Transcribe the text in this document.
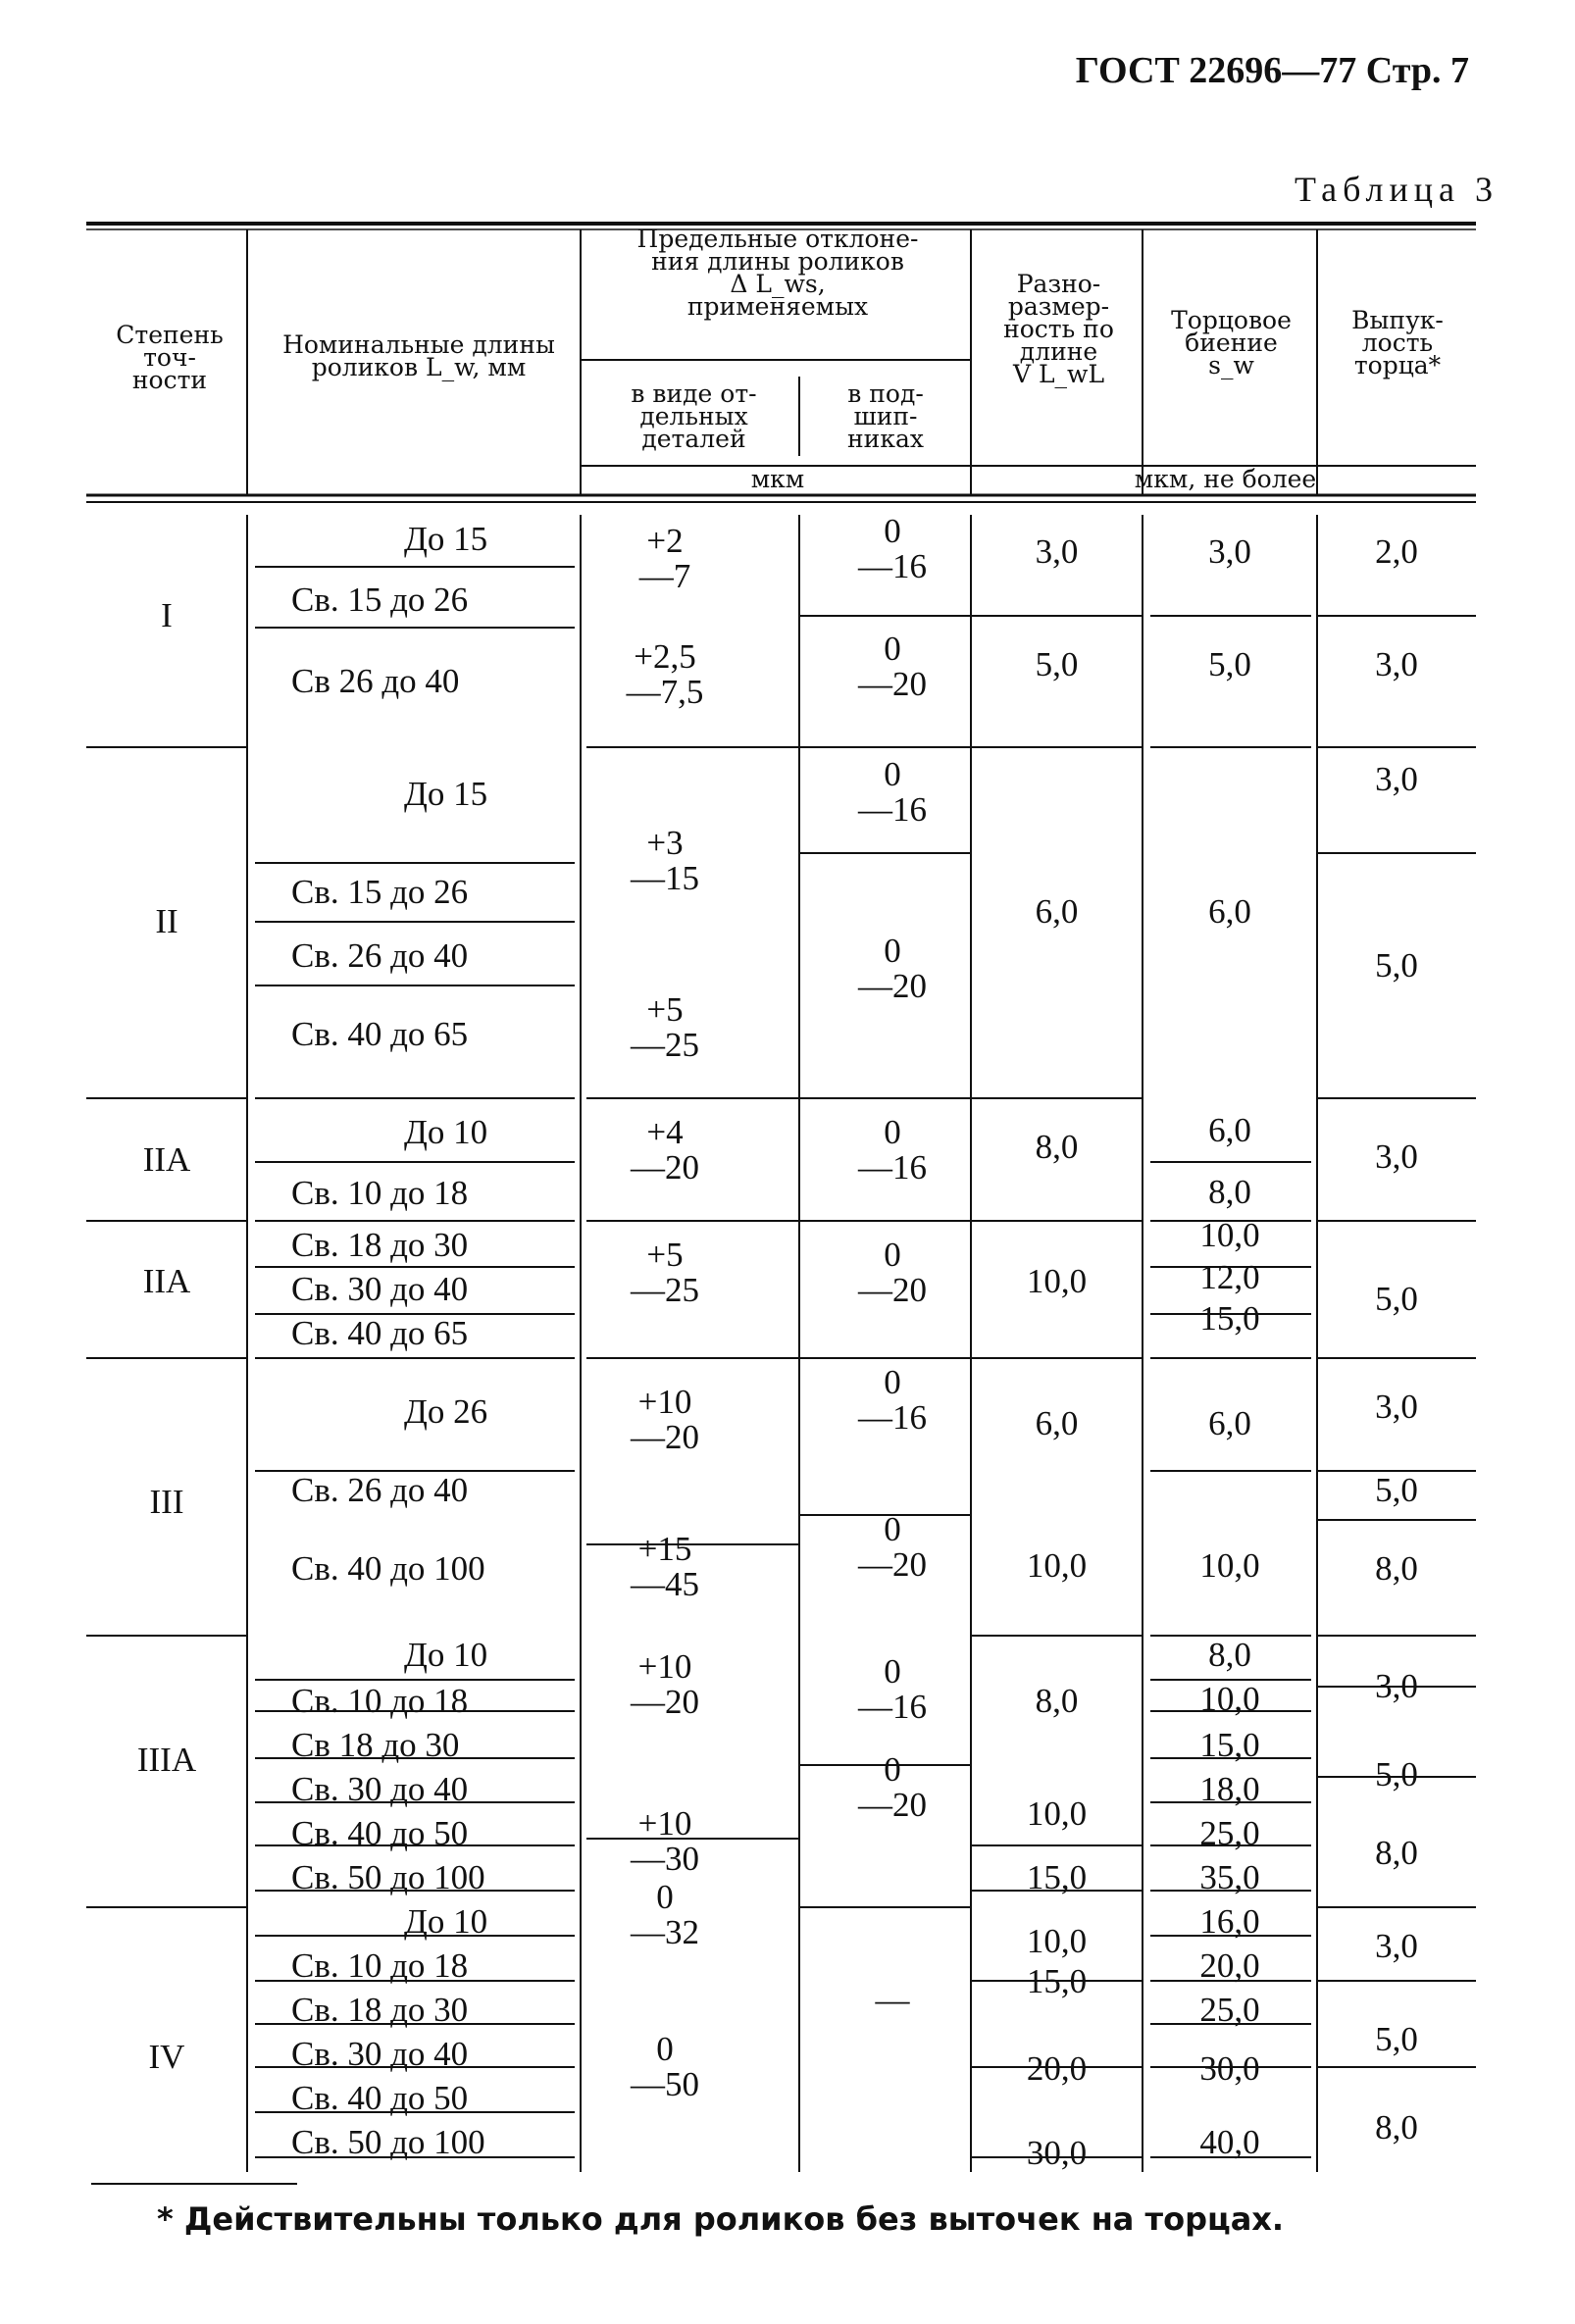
ГОСТ 22696—77 Стр. 7
Таблица 3
Степень
точ-
ности
Номинальные длины
роликов L_w, мм
Предельные отклоне-
ния длины роликов
Δ L_ws,
применяемых
в виде от-
дельных
деталей
в под-
шип-
никах
Разно-
размер-
ность по
длине
V L_wL
Торцовое
биение
s_w
Выпук-
лость
торца*
мкм	мкм, не более
I
II
IIA
IIA
III
IIIA
IV
До 15
Св. 15 до 26
Св 26 до 40
До 15
Св. 15 до 26
Св. 26 до 40
Св. 40 до 65
До 10
Св. 10 до 18
Св. 18 до 30
Св. 30 до 40
Св. 40 до 65
До 26
Св. 26 до 40
Св. 40 до 100
До 10
Св. 10 до 18
Св 18 до 30
Св. 30 до 40
Св. 40 до 50
Св. 50 до 100
До 10
Св. 10 до 18
Св. 18 до 30
Св. 30 до 40
Св. 40 до 50
Св. 50 до 100
+2
—7
+2,5
—7,5
+3
—15
+5
—25
+4
—20
+5
—25
+10
—20
+15
—45
+10
—20
+10
—30
0
—32
0
—50
0
—16
0
—20
0
—16
0
—20
0
—16
0
—20
0
—16
0
—20
0
—16
0
—20
—
3,0
5,0
6,0
8,0
10,0
6,0
10,0
8,0
10,0
15,0
15,0
20,0
30,0
10,0
3,0
5,0
6,0
6,0
8,0
10,0
12,0
15,0
6,0
10,0
8,0
10,0
15,0
18,0
25,0
35,0
16,0
20,0
25,0
30,0
40,0
2,0
3,0
3,0
5,0
3,0
5,0
3,0
5,0
8,0
3,0
5,0
8,0
3,0
5,0
8,0
* Действительны только для роликов без выточек на торцах.
